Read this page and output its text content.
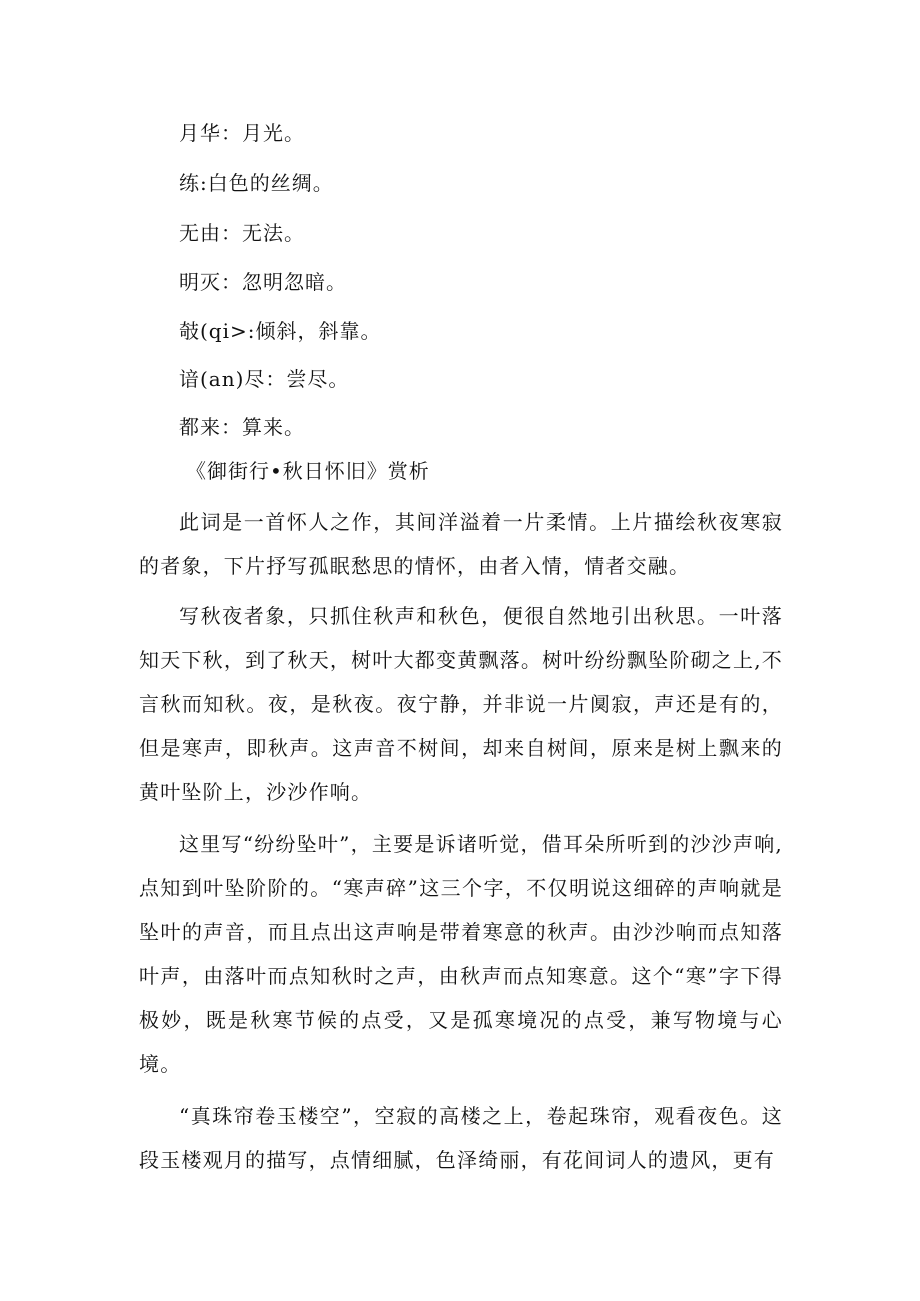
月华：月光。
练:白色的丝绸。
无由：无法。
明灭：忽明忽暗。
攲(qi>:倾斜，斜靠。
谙(an)尽：尝尽。
都来：算来。
《御街行•秋日怀旧》赏析

此词是一首怀人之作，其间洋溢着一片柔情。上片描绘秋夜寒寂的者象，下片抒写孤眠愁思的情怀，由者入情，情者交融。

写秋夜者象，只抓住秋声和秋色，便很自然地引出秋思。一叶落知天下秋，到了秋天，树叶大都变黄飘落。树叶纷纷飘坠阶砌之上,不言秋而知秋。夜，是秋夜。夜宁静，并非说一片阒寂，声还是有的，但是寒声，即秋声。这声音不树间，却来自树间，原来是树上飘来的黄叶坠阶上，沙沙作响。

这里写“纷纷坠叶”，主要是诉诸听觉，借耳朵所听到的沙沙声响,点知到叶坠阶阶的。“寒声碎”这三个字，不仅明说这细碎的声响就是坠叶的声音，而且点出这声响是带着寒意的秋声。由沙沙响而点知落叶声，由落叶而点知秋时之声，由秋声而点知寒意。这个“寒”字下得极妙，既是秋寒节候的点受，又是孤寒境况的点受，兼写物境与心境。

“真珠帘卷玉楼空”，空寂的高楼之上，卷起珠帘，观看夜色。这段玉楼观月的描写，点情细腻，色泽绮丽，有花间词人的遗风，更有
